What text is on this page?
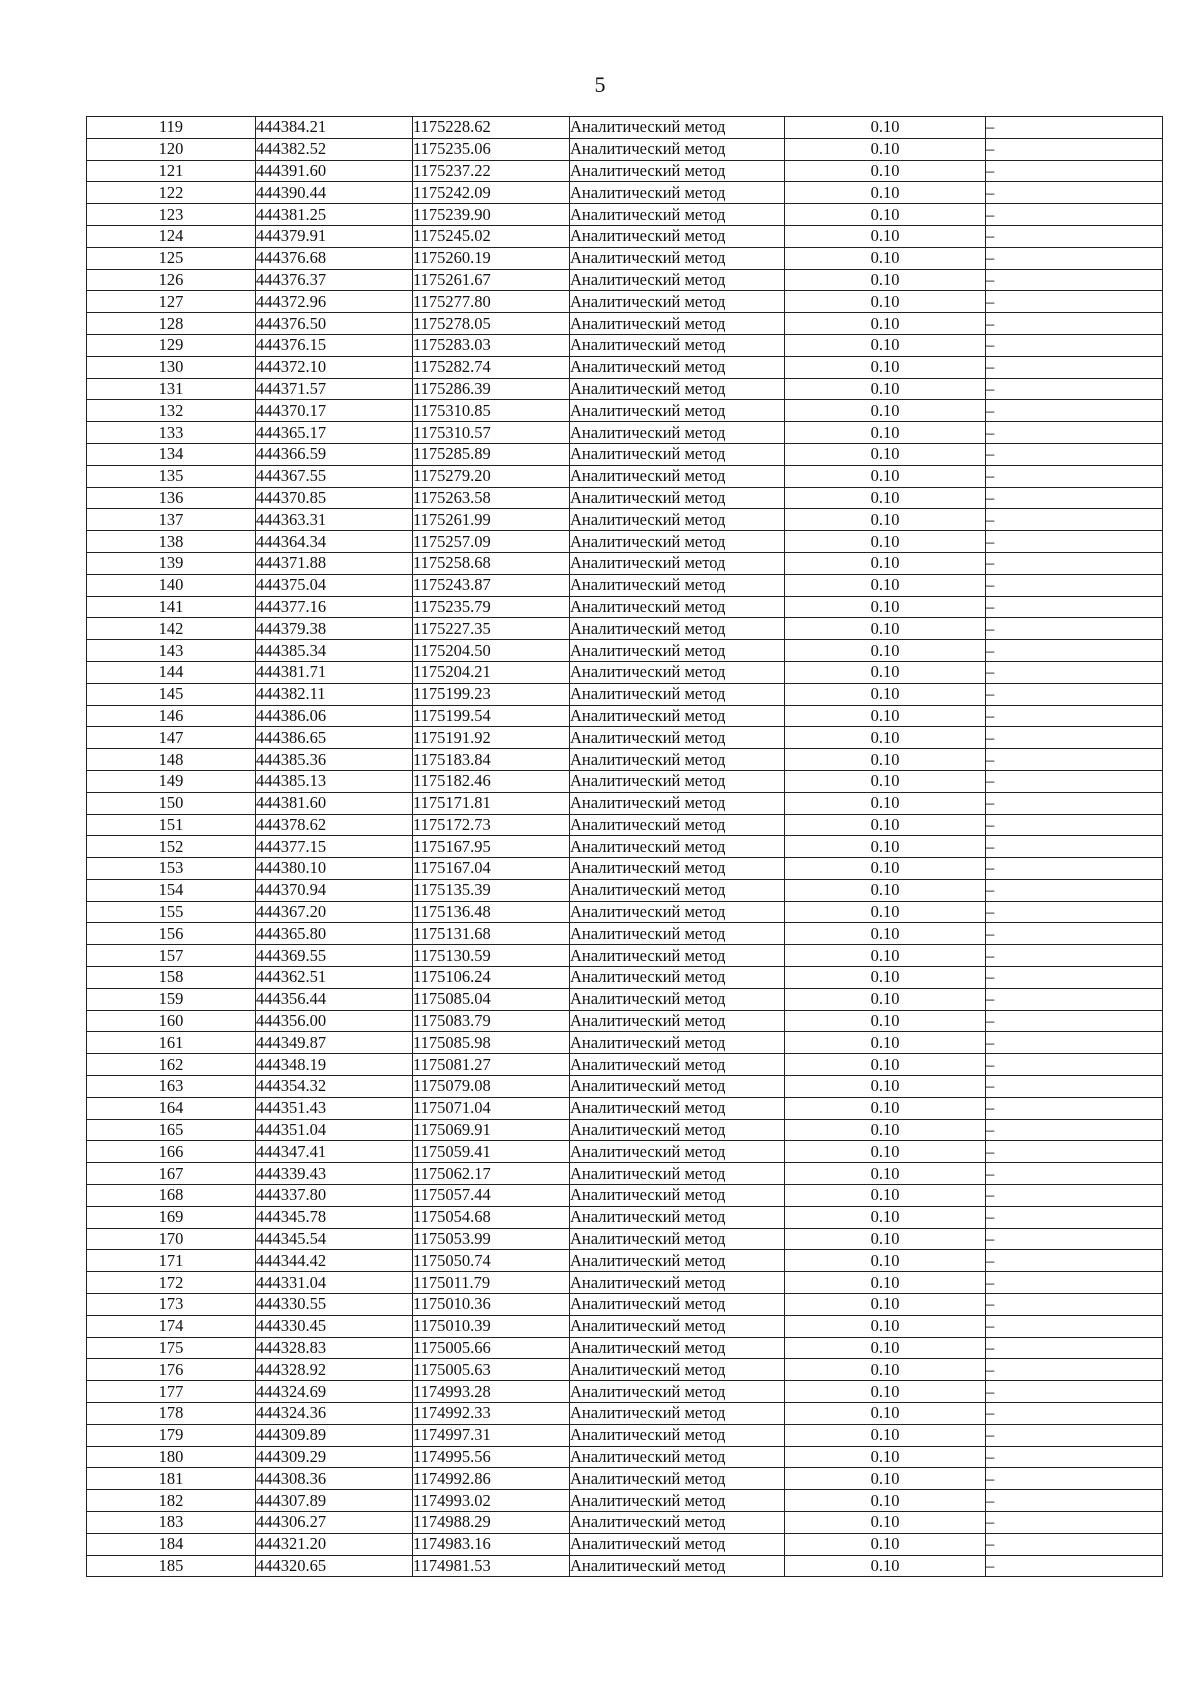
5
119	444384.21	1175228.62	Аналитический метод	0.10	–
120	444382.52	1175235.06	Аналитический метод	0.10	–
121	444391.60	1175237.22	Аналитический метод	0.10	–
122	444390.44	1175242.09	Аналитический метод	0.10	–
123	444381.25	1175239.90	Аналитический метод	0.10	–
124	444379.91	1175245.02	Аналитический метод	0.10	–
125	444376.68	1175260.19	Аналитический метод	0.10	–
126	444376.37	1175261.67	Аналитический метод	0.10	–
127	444372.96	1175277.80	Аналитический метод	0.10	–
128	444376.50	1175278.05	Аналитический метод	0.10	–
129	444376.15	1175283.03	Аналитический метод	0.10	–
130	444372.10	1175282.74	Аналитический метод	0.10	–
131	444371.57	1175286.39	Аналитический метод	0.10	–
132	444370.17	1175310.85	Аналитический метод	0.10	–
133	444365.17	1175310.57	Аналитический метод	0.10	–
134	444366.59	1175285.89	Аналитический метод	0.10	–
135	444367.55	1175279.20	Аналитический метод	0.10	–
136	444370.85	1175263.58	Аналитический метод	0.10	–
137	444363.31	1175261.99	Аналитический метод	0.10	–
138	444364.34	1175257.09	Аналитический метод	0.10	–
139	444371.88	1175258.68	Аналитический метод	0.10	–
140	444375.04	1175243.87	Аналитический метод	0.10	–
141	444377.16	1175235.79	Аналитический метод	0.10	–
142	444379.38	1175227.35	Аналитический метод	0.10	–
143	444385.34	1175204.50	Аналитический метод	0.10	–
144	444381.71	1175204.21	Аналитический метод	0.10	–
145	444382.11	1175199.23	Аналитический метод	0.10	–
146	444386.06	1175199.54	Аналитический метод	0.10	–
147	444386.65	1175191.92	Аналитический метод	0.10	–
148	444385.36	1175183.84	Аналитический метод	0.10	–
149	444385.13	1175182.46	Аналитический метод	0.10	–
150	444381.60	1175171.81	Аналитический метод	0.10	–
151	444378.62	1175172.73	Аналитический метод	0.10	–
152	444377.15	1175167.95	Аналитический метод	0.10	–
153	444380.10	1175167.04	Аналитический метод	0.10	–
154	444370.94	1175135.39	Аналитический метод	0.10	–
155	444367.20	1175136.48	Аналитический метод	0.10	–
156	444365.80	1175131.68	Аналитический метод	0.10	–
157	444369.55	1175130.59	Аналитический метод	0.10	–
158	444362.51	1175106.24	Аналитический метод	0.10	–
159	444356.44	1175085.04	Аналитический метод	0.10	–
160	444356.00	1175083.79	Аналитический метод	0.10	–
161	444349.87	1175085.98	Аналитический метод	0.10	–
162	444348.19	1175081.27	Аналитический метод	0.10	–
163	444354.32	1175079.08	Аналитический метод	0.10	–
164	444351.43	1175071.04	Аналитический метод	0.10	–
165	444351.04	1175069.91	Аналитический метод	0.10	–
166	444347.41	1175059.41	Аналитический метод	0.10	–
167	444339.43	1175062.17	Аналитический метод	0.10	–
168	444337.80	1175057.44	Аналитический метод	0.10	–
169	444345.78	1175054.68	Аналитический метод	0.10	–
170	444345.54	1175053.99	Аналитический метод	0.10	–
171	444344.42	1175050.74	Аналитический метод	0.10	–
172	444331.04	1175011.79	Аналитический метод	0.10	–
173	444330.55	1175010.36	Аналитический метод	0.10	–
174	444330.45	1175010.39	Аналитический метод	0.10	–
175	444328.83	1175005.66	Аналитический метод	0.10	–
176	444328.92	1175005.63	Аналитический метод	0.10	–
177	444324.69	1174993.28	Аналитический метод	0.10	–
178	444324.36	1174992.33	Аналитический метод	0.10	–
179	444309.89	1174997.31	Аналитический метод	0.10	–
180	444309.29	1174995.56	Аналитический метод	0.10	–
181	444308.36	1174992.86	Аналитический метод	0.10	–
182	444307.89	1174993.02	Аналитический метод	0.10	–
183	444306.27	1174988.29	Аналитический метод	0.10	–
184	444321.20	1174983.16	Аналитический метод	0.10	–
185	444320.65	1174981.53	Аналитический метод	0.10	–
